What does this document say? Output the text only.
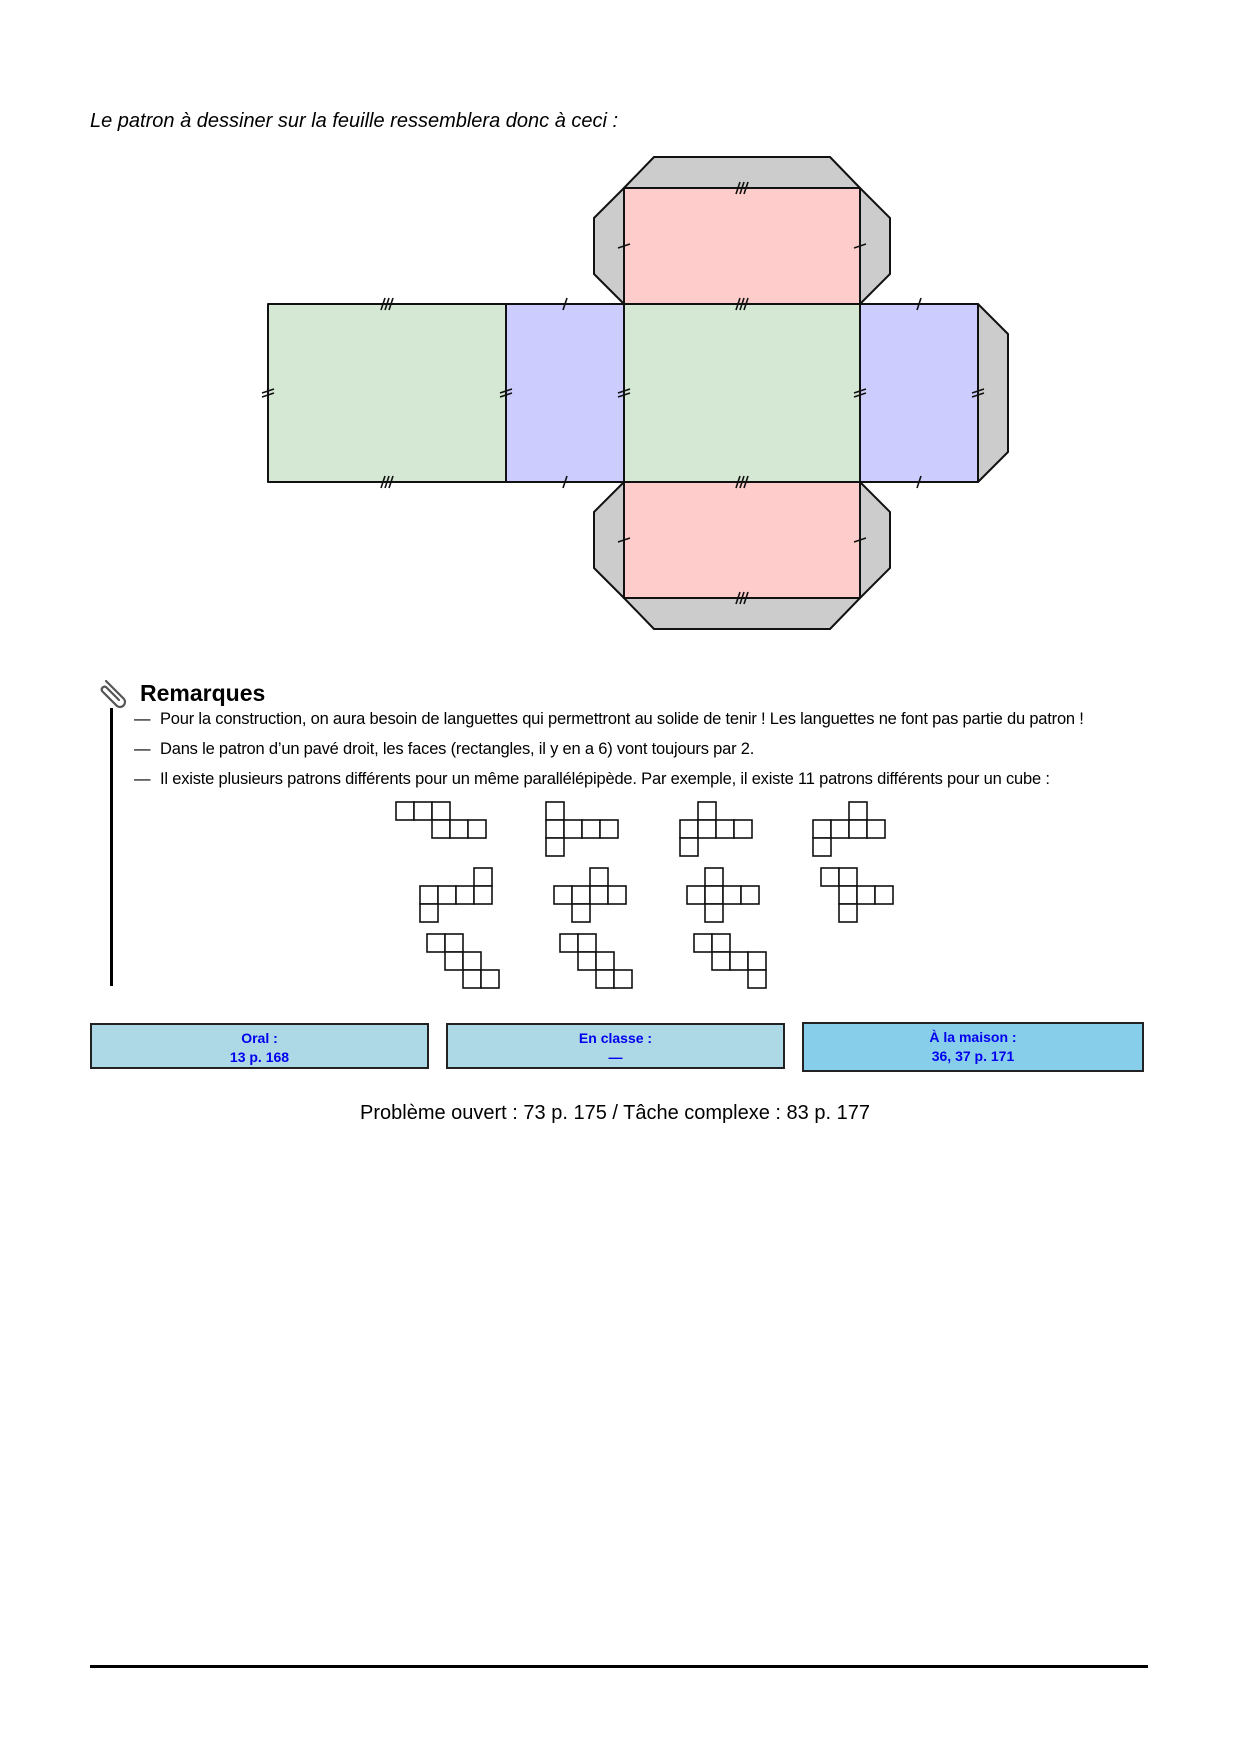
Le patron à dessiner sur la feuille ressemblera donc à ceci :
Remarques
— Pour la construction, on aura besoin de languettes qui permettront au solide de tenir ! Les languettes ne font pas partie du patron !
— Dans le patron d’un pavé droit, les faces (rectangles, il y en a 6) vont toujours par 2.
— Il existe plusieurs patrons différents pour un même parallélépipède. Par exemple, il existe 11 patrons différents pour un cube :
Oral :
13 p. 168
En classe :
—
À la maison :
36, 37 p. 171
Problème ouvert : 73 p. 175 / Tâche complexe : 83 p. 177
